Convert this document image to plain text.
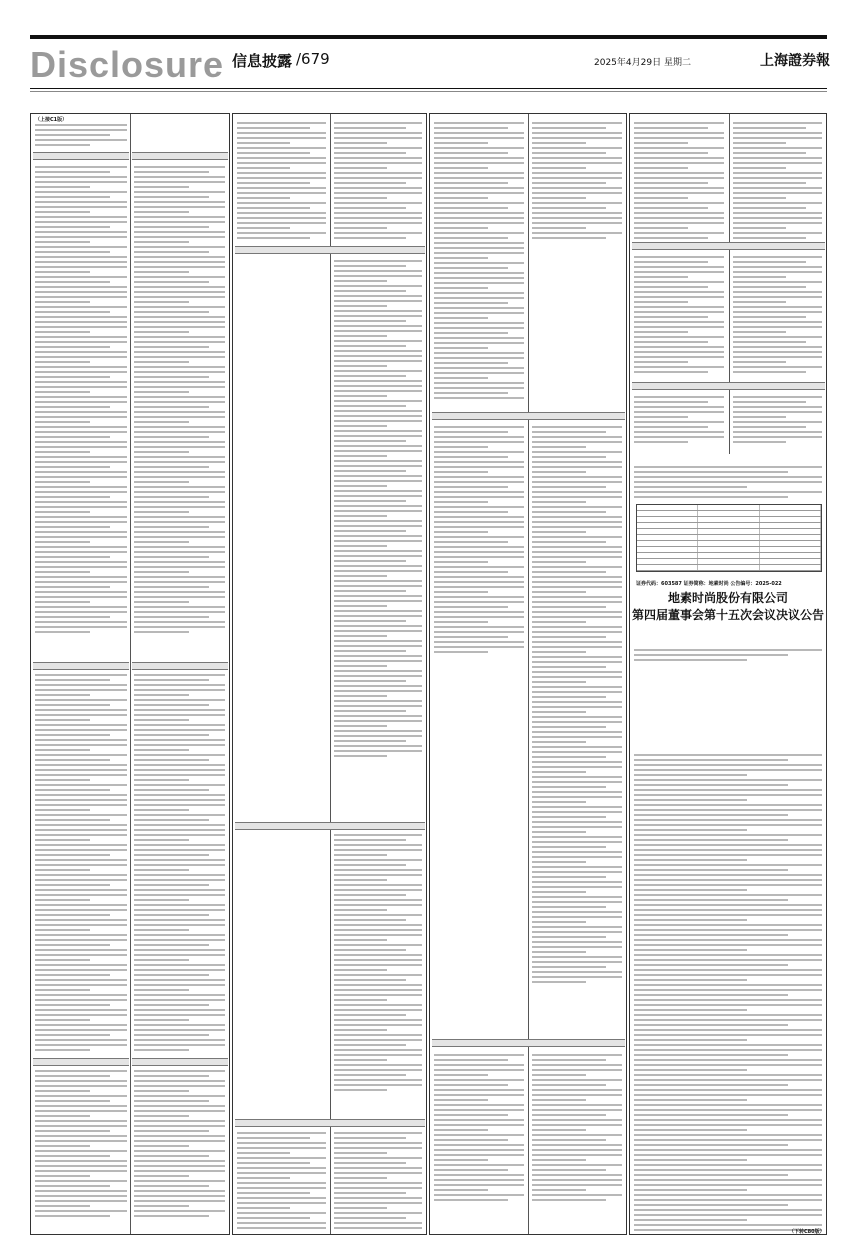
Disclosure 信息披露 /679	2025年4月29日 星期二	上海證券報
（上接C1版）
证券代码：603587 证券简称：地素时尚 公告编号：2025-022
地素时尚股份有限公司
第四届董事会第十五次会议决议公告
（下转C80版）
